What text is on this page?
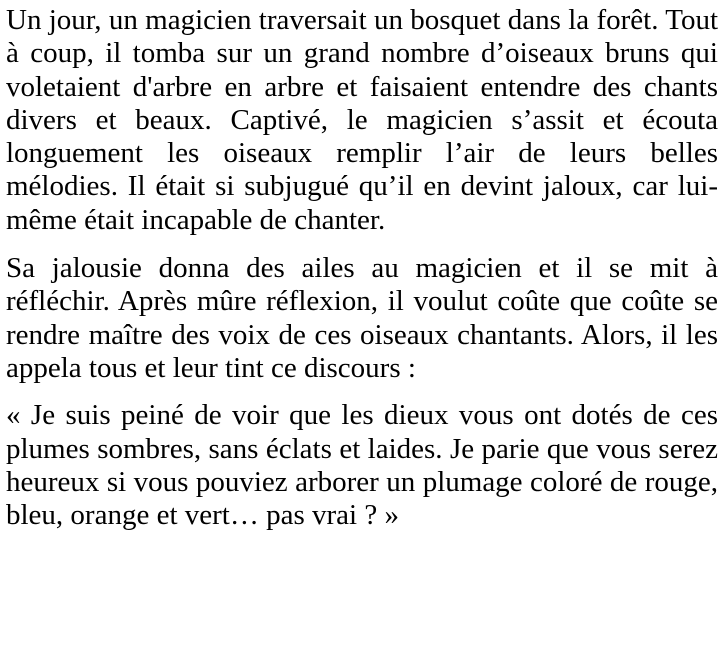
Un jour, un magicien traversait un bosquet dans la forêt. Tout à coup, il tomba sur un grand nombre d’oiseaux bruns qui voletaient d'arbre en arbre et faisaient entendre des chants divers et beaux. Captivé, le magicien s’assit et écouta longuement les oiseaux remplir l’air de leurs belles mélodies. Il était si subjugué qu’il en devint jaloux, car lui-même était incapable de chanter.

Sa jalousie donna des ailes au magicien et il se mit à réfléchir. Après mûre réflexion, il voulut coûte que coûte se rendre maître des voix de ces oiseaux chantants. Alors, il les appela tous et leur tint ce discours :

« Je suis peiné de voir que les dieux vous ont dotés de ces plumes sombres, sans éclats et laides. Je parie que vous serez heureux si vous pouviez arborer un plumage coloré de rouge, bleu, orange et vert… pas vrai ? »
